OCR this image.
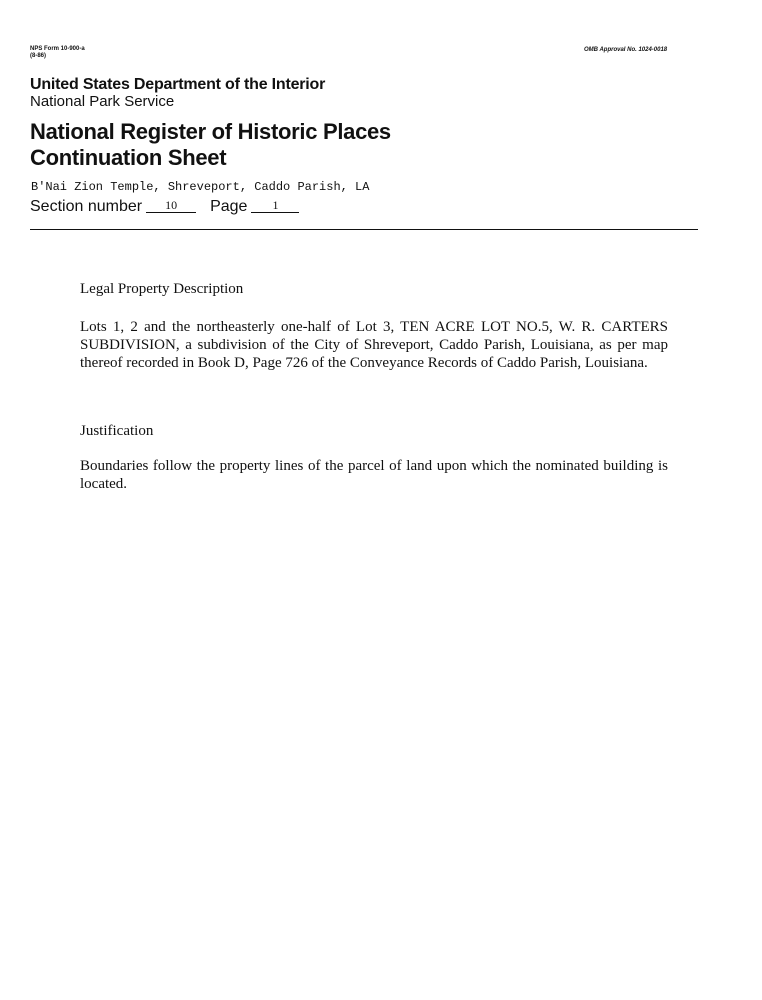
NPS Form 10-900-a
(8-86)
OMB Approval No. 1024-0018
United States Department of the Interior
National Park Service
National Register of Historic Places
Continuation Sheet
B'Nai Zion Temple, Shreveport, Caddo Parish, LA
Section number	10	Page	1

Legal Property Description

Lots 1, 2 and the northeasterly one-half of Lot 3, TEN ACRE LOT NO.5, W. R. CARTERS SUBDIVISION, a subdivision of the City of Shreveport, Caddo Parish, Louisiana, as per map thereof recorded in Book D, Page 726 of the Conveyance Records of Caddo Parish, Louisiana.

Justification

Boundaries follow the property lines of the parcel of land upon which the nominated building is located.
